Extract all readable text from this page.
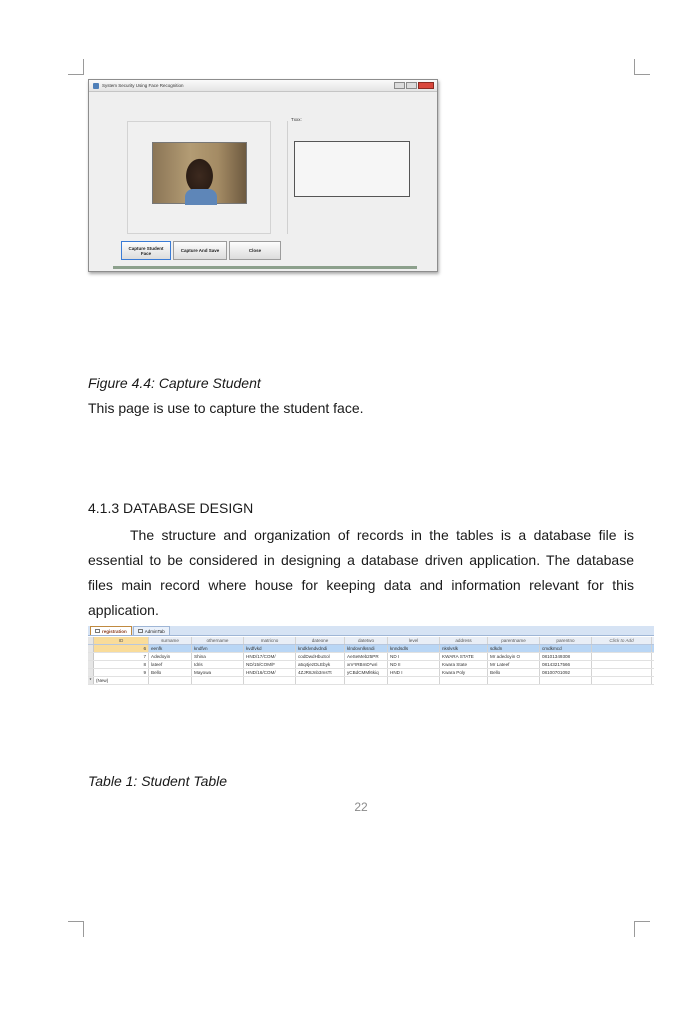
System Security Using Face Recognition
Txxx:
Capture Student Face	Capture And Save	Close
Figure 4.4: Capture Student
This page is use to capture the student face.
4.1.3 DATABASE DESIGN
The structure and organization of records in the tables is a database file is
essential to be considered in designing a database driven application. The database
files main record where house for keeping data and information relevant for this
application.
registration	AdminTab
ID	surname	othername	matricno	dateone	datetwo	level	address	parentname	parentno	Click to Add
6	eenfk	kndfvn	kvdfvkd	kndklvndvdndi	klndovnlksndi	knndsdls	nkslvslk	sdkdn	cmdkmcd
7	Adedoyin	Shina	HND/17/COM/	codDwdHbuSol	AeSeMeb25PR	ND I	KWARA STATE	Mr adedoyin O	08101349308
8	lateef	Idris	ND/15/COM/F	a5q4jezDLEbyk	xm*IRBmD*wri	ND II	Kwara State	Mr Lateef	08143217566
9	Bello	Mayowa	HND/16/COM/	4ZJR8Jnb3msTt	yCBdCMMl6kiq	HND I	Kwara Poly	Bello	08100701092
* (New)
Table 1: Student Table
22
